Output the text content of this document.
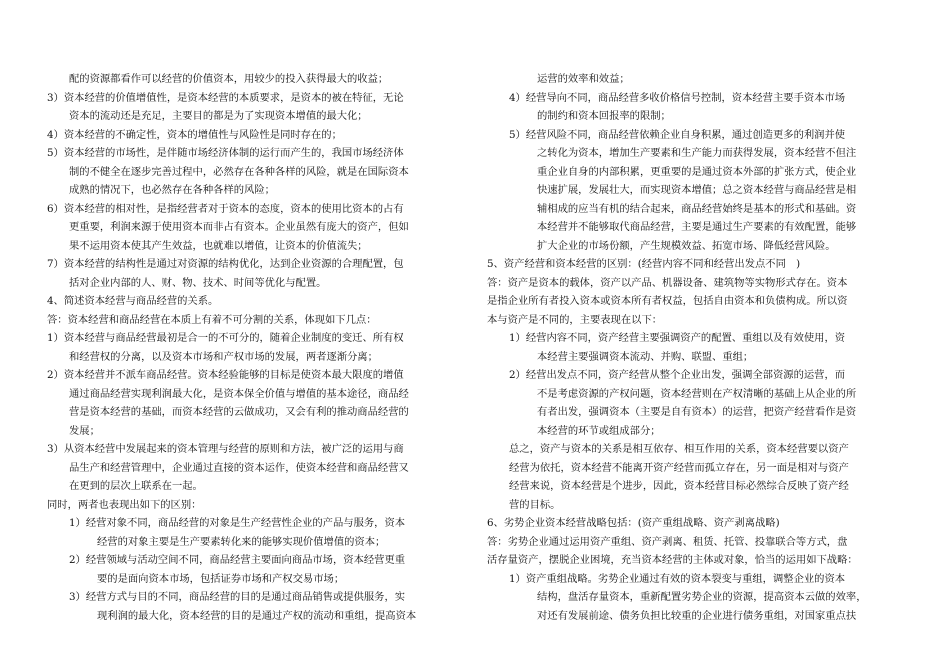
配的资源都看作可以经营的价值资本，用较少的投入获得最大的收益；

3）资本经营的价值增值性，是资本经营的本质要求，是资本的被在特征，无论

资本的流动还是充足，主要目的都是为了实现资本增值的最大化；

4）资本经营的不确定性，资本的增值性与风险性是同时存在的；

5）资本经营的市场性，是伴随市场经济体制的运行而产生的，我国市场经济体

制的不健全在逐步完善过程中，必然存在各种各样的风险，就是在国际资本

成熟的情况下，也必然存在各种各样的风险；

6）资本经营的相对性，是指经营者对于资本的态度，资本的使用比资本的占有

更重要，利润来源于使用资本而非占有资本。企业虽然有庞大的资产，但如

果不运用资本使其产生效益，也就难以增值，让资本的价值流失；

7）资本经营的结构性是通过对资源的结构优化，达到企业资源的合理配置，包

括对企业内部的人、财、物、技术、时间等优化与配置。

4、简述资本经营与商品经营的关系。

答：资本经营和商品经营在本质上有着不可分割的关系，体现如下几点：

1）资本经营与商品经营最初是合一的不可分的，随着企业制度的变迁、所有权

和经营权的分离，以及资本市场和产权市场的发展，两者逐渐分离；

2）资本经营并不派车商品经营。资本经验能够的目标是使资本最大限度的增值

通过商品经营实现利润最大化，是资本保全价值与增值的基本途径，商品经

营是资本经营的基础，而资本经营的云做成功，又会有利的推动商品经营的

发展；

3）从资本经营中发展起来的资本管理与经营的原则和方法，被广泛的运用与商

品生产和经营管理中，企业通过直接的资本运作，使资本经营和商品经营又

在更到的层次上联系在一起。

同时，两者也表现出如下的区别：

1）经营对象不同，商品经营的对象是生产经营性企业的产品与服务，资本

经营的对象主要是生产要素转化来的能够实现价值增值的资本；

2）经营领域与活动空间不同，商品经营主要面向商品市场，资本经营更重

要的是面向资本市场，包括证券市场和产权交易市场；

3）经营方式与目的不同，商品经营的目的是通过商品销售或提供服务，实

现利润的最大化，资本经营的目的是通过产权的流动和重组，提高资本

运营的效率和效益；

4）经营导向不同，商品经营多收价格信号控制，资本经营主要手资本市场

的制约和资本回报率的限制；

5）经营风险不同，商品经营依赖企业自身积累，通过创造更多的利润并使

之转化为资本，增加生产要素和生产能力而获得发展，资本经营不但注

重企业自身的内部积累，更重要的是通过资本外部的扩张方式，使企业

快速扩展，发展壮大，而实现资本增值；总之资本经营与商品经营是相

辅相成的应当有机的结合起来，商品经营始终是基本的形式和基础。资

本经营并不能够取代商品经营，主要是通过生产要素的有效配置，能够

扩大企业的市场份额，产生规模效益、拓宽市场、降低经营风险。

5、资产经营和资本经营的区别：(经营内容不同和经营出发点不同　)

答：资产是资本的载体，资产以产品、机器设备、建筑物等实物形式存在。资本

是指企业所有者投入资本或资本所有者权益，包括自由资本和负债构成。所以资

本与资产是不同的，主要表现在以下：

1）经营内容不同，资产经营主要强调资产的配置、重组以及有效使用，资

本经营主要强调资本流动、并购、联盟、重组；

2）经营出发点不同，资产经营从整个企业出发，强调全部资源的运营，而

不是考虑资源的产权问题，资本经营则在产权清晰的基础上从企业的所

有者出发，强调资本（主要是自有资本）的运营，把资产经营看作是资

本经营的环节或组成部分；

总之，资产与资本的关系是相互依存、相互作用的关系，资本经营要以资产

经营为依托，资本经营不能离开资产经营而孤立存在，另一面是相对与资产

经营来说，资本经营是个进步，因此，资本经营目标必然综合反映了资产经

营的目标。

6、劣势企业资本经营战略包括：(资产重组战略、资产剥离战略)

答：劣势企业通过运用资产重组、资产剥离、租赁、托管、投靠联合等方式，盘

活存量资产，摆脱企业困境，充当资本经营的主体或对象，恰当的运用如下战略：

1）资产重组战略。劣势企业通过有效的资本裂变与重组，调整企业的资本

结构，盘活存量资本，重新配置劣势企业的资源，提高资本云做的效率，

对还有发展前途、债务负担比较重的企业进行债务重组，对国家重点扶
